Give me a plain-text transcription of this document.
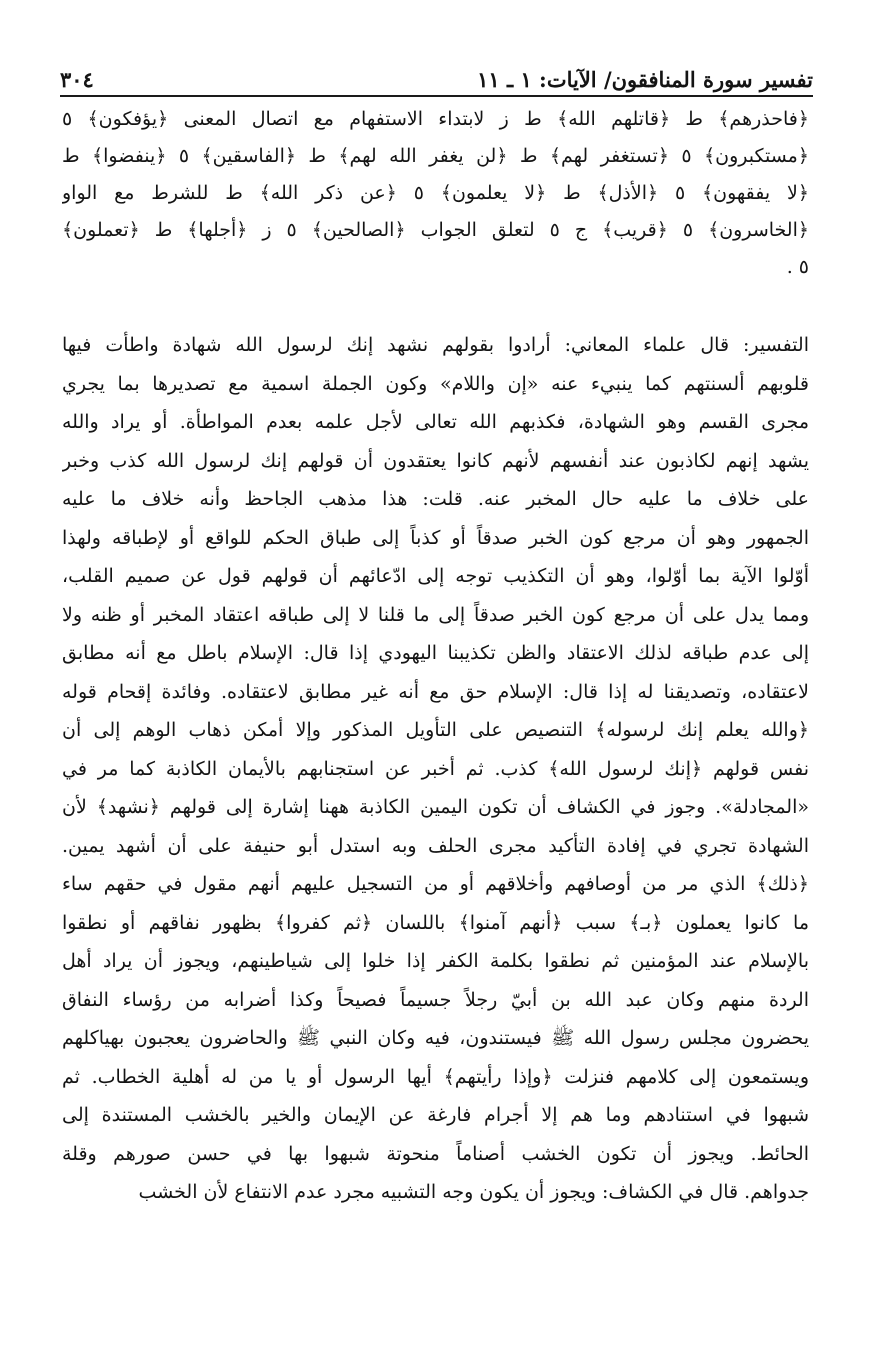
تفسير سورة المنافقون/ الآيات: ١ ـ ١١
٣٠٤
﴿فاحذرهم﴾ ط ﴿قاتلهم الله﴾ ط ز لابتداء الاستفهام مع اتصال المعنى ﴿يؤفكون﴾ ٥
﴿مستكبرون﴾ ٥ ﴿تستغفر لهم﴾ ط ﴿لن يغفر الله لهم﴾ ط ﴿الفاسقين﴾ ٥ ﴿ينفضوا﴾ ط
﴿لا يفقهون﴾ ٥ ﴿الأذل﴾ ط ﴿لا يعلمون﴾ ٥ ﴿عن ذكر الله﴾ ط للشرط مع الواو
﴿الخاسرون﴾ ٥ ﴿قريب﴾ ج ٥ لتعلق الجواب ﴿الصالحين﴾ ٥ ز ﴿أجلها﴾ ط ﴿تعملون﴾
٥ .
التفسير: قال علماء المعاني: أرادوا بقولهم نشهد إنك لرسول الله شهادة واطأت فيها
قلوبهم ألسنتهم كما ينبيء عنه «إن واللام» وكون الجملة اسمية مع تصديرها بما يجري
مجرى القسم وهو الشهادة، فكذبهم الله تعالى لأجل علمه بعدم المواطأة. أو يراد والله
يشهد إنهم لكاذبون عند أنفسهم لأنهم كانوا يعتقدون أن قولهم إنك لرسول الله كذب وخبر
على خلاف ما عليه حال المخبر عنه. قلت: هذا مذهب الجاحظ وأنه خلاف ما عليه
الجمهور وهو أن مرجع كون الخبر صدقاً أو كذباً إلى طباق الحكم للواقع أو لإطباقه ولهذا
أوّلوا الآية بما أوّلوا، وهو أن التكذيب توجه إلى ادّعائهم أن قولهم قول عن صميم القلب،
ومما يدل على أن مرجع كون الخبر صدقاً إلى ما قلنا لا إلى طباقه اعتقاد المخبر أو ظنه ولا
إلى عدم طباقه لذلك الاعتقاد والظن تكذيبنا اليهودي إذا قال: الإسلام باطل مع أنه مطابق
لاعتقاده، وتصديقنا له إذا قال: الإسلام حق مع أنه غير مطابق لاعتقاده. وفائدة إقحام قوله
﴿والله يعلم إنك لرسوله﴾ التنصيص على التأويل المذكور وإلا أمكن ذهاب الوهم إلى أن
نفس قولهم ﴿إنك لرسول الله﴾ كذب. ثم أخبر عن استجنابهم بالأيمان الكاذبة كما مر في
«المجادلة». وجوز في الكشاف أن تكون اليمين الكاذبة ههنا إشارة إلى قولهم ﴿نشهد﴾ لأن
الشهادة تجري في إفادة التأكيد مجرى الحلف وبه استدل أبو حنيفة على أن أشهد يمين.
﴿ذلك﴾ الذي مر من أوصافهم وأخلاقهم أو من التسجيل عليهم أنهم مقول في حقهم ساء
ما كانوا يعملون ﴿بـ﴾ سبب ﴿أنهم آمنوا﴾ باللسان ﴿ثم كفروا﴾ بظهور نفاقهم أو نطقوا
بالإسلام عند المؤمنين ثم نطقوا بكلمة الكفر إذا خلوا إلى شياطينهم، ويجوز أن يراد أهل
الردة منهم وكان عبد الله بن أبيّ رجلاً جسيماً فصيحاً وكذا أضرابه من رؤساء النفاق
يحضرون مجلس رسول الله ﷺ فيستندون، فيه وكان النبي ﷺ والحاضرون يعجبون بهياكلهم
ويستمعون إلى كلامهم فنزلت ﴿وإذا رأيتهم﴾ أيها الرسول أو يا من له أهلية الخطاب. ثم
شبهوا في استنادهم وما هم إلا أجرام فارغة عن الإيمان والخير بالخشب المستندة إلى
الحائط. ويجوز أن تكون الخشب أصناماً منحوتة شبهوا بها في حسن صورهم وقلة
جدواهم. قال في الكشاف: ويجوز أن يكون وجه التشبيه مجرد عدم الانتفاع لأن الخشب
